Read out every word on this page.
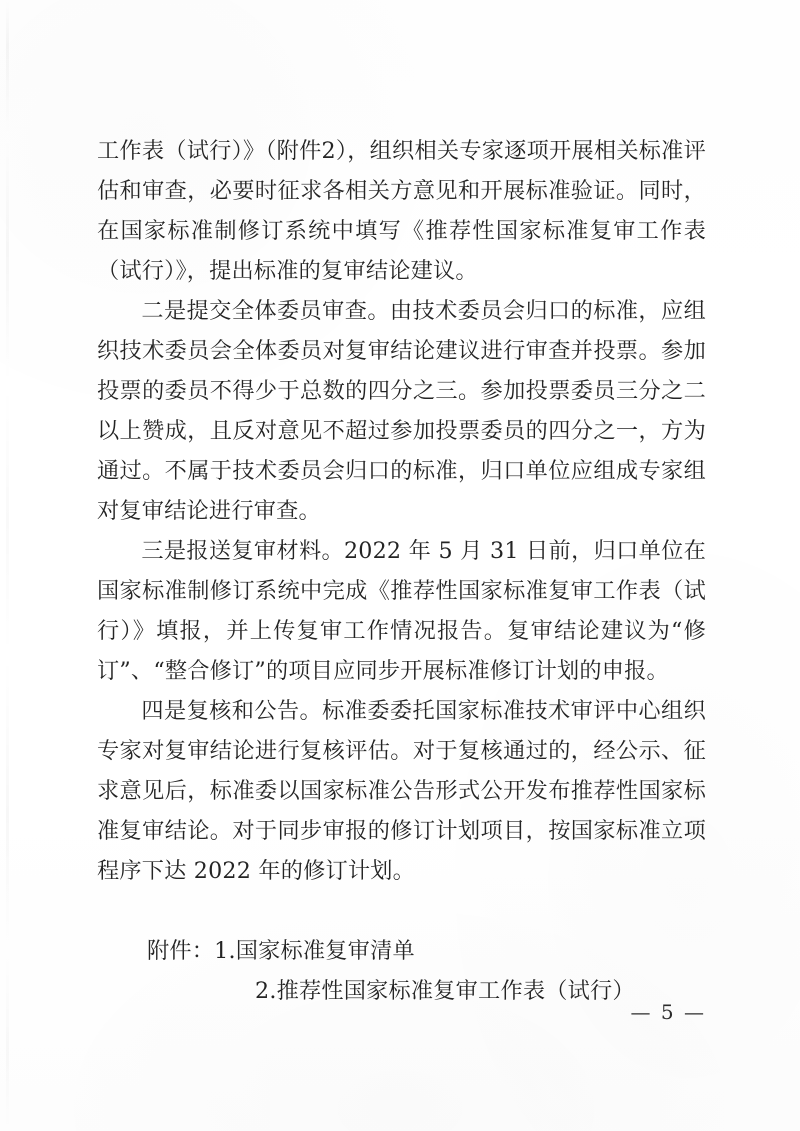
工作表（试行）》（附件2），组织相关专家逐项开展相关标准评估和审查，必要时征求各相关方意见和开展标准验证。同时，在国家标准制修订系统中填写《推荐性国家标准复审工作表（试行）》，提出标准的复审结论建议。

二是提交全体委员审查。由技术委员会归口的标准，应组织技术委员会全体委员对复审结论建议进行审查并投票。参加投票的委员不得少于总数的四分之三。参加投票委员三分之二以上赞成，且反对意见不超过参加投票委员的四分之一，方为通过。不属于技术委员会归口的标准，归口单位应组成专家组对复审结论进行审查。

三是报送复审材料。2022 年 5 月 31 日前，归口单位在国家标准制修订系统中完成《推荐性国家标准复审工作表（试行）》填报，并上传复审工作情况报告。复审结论建议为“修订”、“整合修订”的项目应同步开展标准修订计划的申报。

四是复核和公告。标准委委托国家标准技术审评中心组织专家对复审结论进行复核评估。对于复核通过的，经公示、征求意见后，标准委以国家标准公告形式公开发布推荐性国家标准复审结论。对于同步审报的修订计划项目，按国家标准立项程序下达 2022 年的修订计划。

附件：1.国家标准复审清单

2.推荐性国家标准复审工作表（试行）

— 5 —
